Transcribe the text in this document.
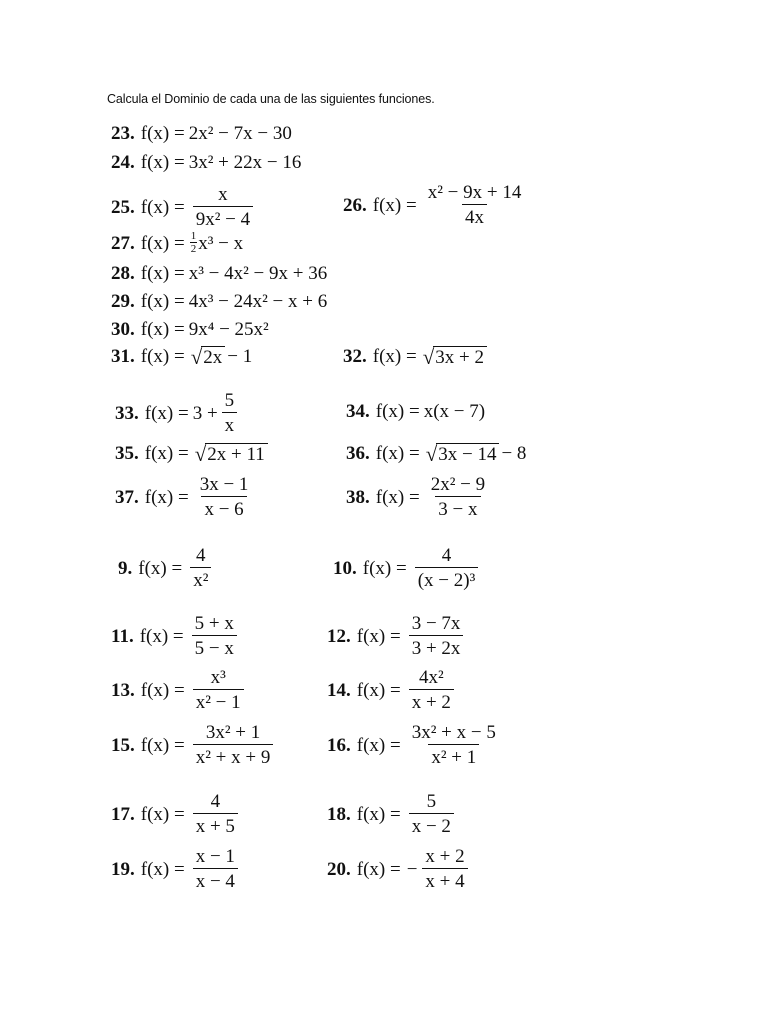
Calcula el Dominio de cada una de las siguientes funciones.
23. f(x) = 2x² − 7x − 30
24. f(x) = 3x² + 22x − 16
25. $f(x) = \frac{x}{\text{9x² − 4}}$	26. $f(x) = \frac{\text{x² − 9x + 14}}{4x}$
27. $f(x) = \frac{1}{2} x^3 - x$
28. f(x) = x³ − 4x² − 9x + 36
29. f(x) = 4x³ − 24x² − x + 6
30. f(x) = 9x⁴ − 25x²
31. f(x) = √ 2x − 1	32. f(x) = √ 3x + 2
33. $f(x) = 3 + \frac{5}{x}$	34. f(x) = x(x − 7)
35. f(x) = √ 2x + 11	36. f(x) = √ 3x − 14 − 8
37. $f(x) = \frac{3x - 1}{x - 6}$	38. $f(x) = \frac{\text{2x² − 9}}{3 - x}$
9. $f(x) = \frac{4}{\text{x²}}$	10. $f(x) = \frac{4}{\text{(x − 2)³}}$
11. $f(x) = \frac{5 + x}{5 - x}$	12. $f(x) = \frac{3 - 7x}{3 + 2x}$
13. $f(x) = \frac{\text{x³}}{\text{x² − 1}}$	14. $f(x) = \frac{\text{4x²}}{x + 2}$
15. $f(x) = \frac{\text{3x² + 1}}{\text{x² + x + 9}}$	16. $f(x) = \frac{\text{3x² + x − 5}}{\text{x² + 1}}$
17. $f(x) = \frac{4}{x + 5}$	18. $f(x) = \frac{5}{x - 2}$
19. $f(x) = \frac{x - 1}{x - 4}$	20. f(x) = − $\frac{x + 2}{x + 4}$
